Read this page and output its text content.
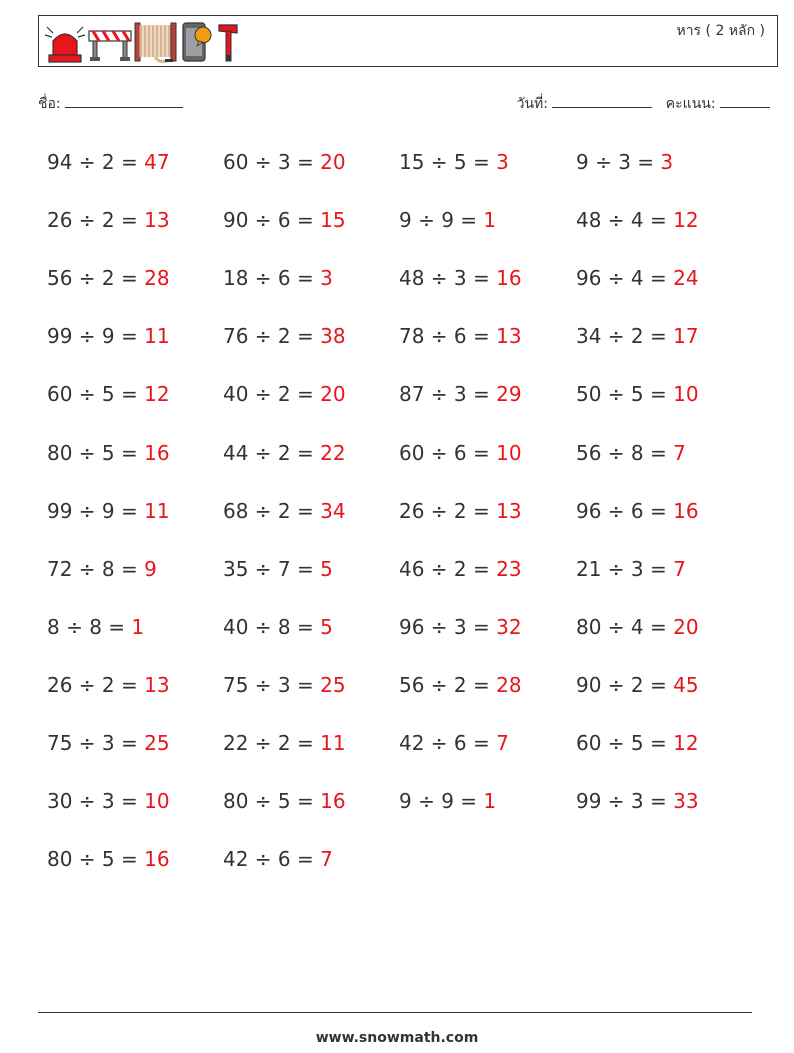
หาร ( 2 หลัก )
ชื่อ:	วันที่:	คะแนน:
94 ÷ 2 = 47	60 ÷ 3 = 20	15 ÷ 5 = 3	9 ÷ 3 = 3
26 ÷ 2 = 13	90 ÷ 6 = 15	9 ÷ 9 = 1	48 ÷ 4 = 12
56 ÷ 2 = 28	18 ÷ 6 = 3	48 ÷ 3 = 16	96 ÷ 4 = 24
99 ÷ 9 = 11	76 ÷ 2 = 38	78 ÷ 6 = 13	34 ÷ 2 = 17
60 ÷ 5 = 12	40 ÷ 2 = 20	87 ÷ 3 = 29	50 ÷ 5 = 10
80 ÷ 5 = 16	44 ÷ 2 = 22	60 ÷ 6 = 10	56 ÷ 8 = 7
99 ÷ 9 = 11	68 ÷ 2 = 34	26 ÷ 2 = 13	96 ÷ 6 = 16
72 ÷ 8 = 9	35 ÷ 7 = 5	46 ÷ 2 = 23	21 ÷ 3 = 7
8 ÷ 8 = 1	40 ÷ 8 = 5	96 ÷ 3 = 32	80 ÷ 4 = 20
26 ÷ 2 = 13	75 ÷ 3 = 25	56 ÷ 2 = 28	90 ÷ 2 = 45
75 ÷ 3 = 25	22 ÷ 2 = 11	42 ÷ 6 = 7	60 ÷ 5 = 12
30 ÷ 3 = 10	80 ÷ 5 = 16	9 ÷ 9 = 1	99 ÷ 3 = 33
80 ÷ 5 = 16	42 ÷ 6 = 7
www.snowmath.com
